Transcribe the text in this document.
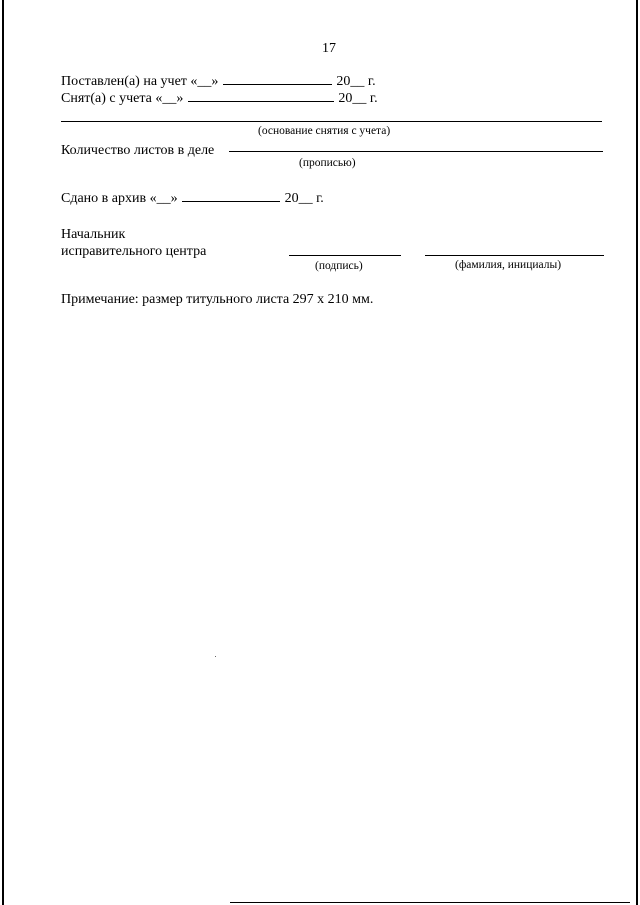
17
Поставлен(а) на учет «__»	20__ г.
Снят(а) с учета «__»	20__ г.
(основание снятия с учета)
Количество листов в деле
(прописью)
Сдано в архив «__»	20__ г.
Начальник
исправительного центра
(подпись)	(фамилия, инициалы)
Примечание: размер титульного листа 297 х 210 мм.
